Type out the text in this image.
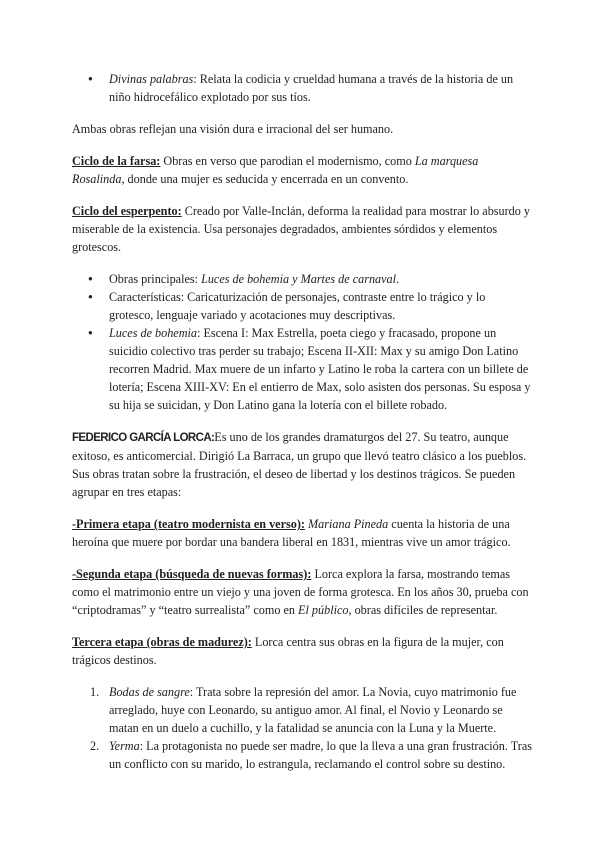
● Divinas palabras: Relata la codicia y crueldad humana a través de la historia de un niño hidrocefálico explotado por sus tíos.

Ambas obras reflejan una visión dura e irracional del ser humano.

Ciclo de la farsa: Obras en verso que parodian el modernismo, como La marquesa Rosalinda, donde una mujer es seducida y encerrada en un convento.

Ciclo del esperpento: Creado por Valle-Inclán, deforma la realidad para mostrar lo absurdo y miserable de la existencia. Usa personajes degradados, ambientes sórdidos y elementos grotescos.

● Obras principales: Luces de bohemia y Martes de carnaval.
● Características: Caricaturización de personajes, contraste entre lo trágico y lo grotesco, lenguaje variado y acotaciones muy descriptivas.
● Luces de bohemia: Escena I: Max Estrella, poeta ciego y fracasado, propone un suicidio colectivo tras perder su trabajo; Escena II-XII: Max y su amigo Don Latino recorren Madrid. Max muere de un infarto y Latino le roba la cartera con un billete de lotería; Escena XIII-XV: En el entierro de Max, solo asisten dos personas. Su esposa y su hija se suicidan, y Don Latino gana la lotería con el billete robado.

FEDERICO GARCÍA LORCA:Es uno de los grandes dramaturgos del 27. Su teatro, aunque exitoso, es anticomercial. Dirigió La Barraca, un grupo que llevó teatro clásico a los pueblos. Sus obras tratan sobre la frustración, el deseo de libertad y los destinos trágicos. Se pueden agrupar en tres etapas:

-Primera etapa (teatro modernista en verso): Mariana Pineda cuenta la historia de una heroína que muere por bordar una bandera liberal en 1831, mientras vive un amor trágico.

-Segunda etapa (búsqueda de nuevas formas): Lorca explora la farsa, mostrando temas como el matrimonio entre un viejo y una joven de forma grotesca. En los años 30, prueba con “criptodramas” y “teatro surrealista” como en El público, obras difíciles de representar.

Tercera etapa (obras de madurez): Lorca centra sus obras en la figura de la mujer, con trágicos destinos.

1. Bodas de sangre: Trata sobre la represión del amor. La Novia, cuyo matrimonio fue arreglado, huye con Leonardo, su antiguo amor. Al final, el Novio y Leonardo se matan en un duelo a cuchillo, y la fatalidad se anuncia con la Luna y la Muerte.
2. Yerma: La protagonista no puede ser madre, lo que la lleva a una gran frustración. Tras un conflicto con su marido, lo estrangula, reclamando el control sobre su destino.
